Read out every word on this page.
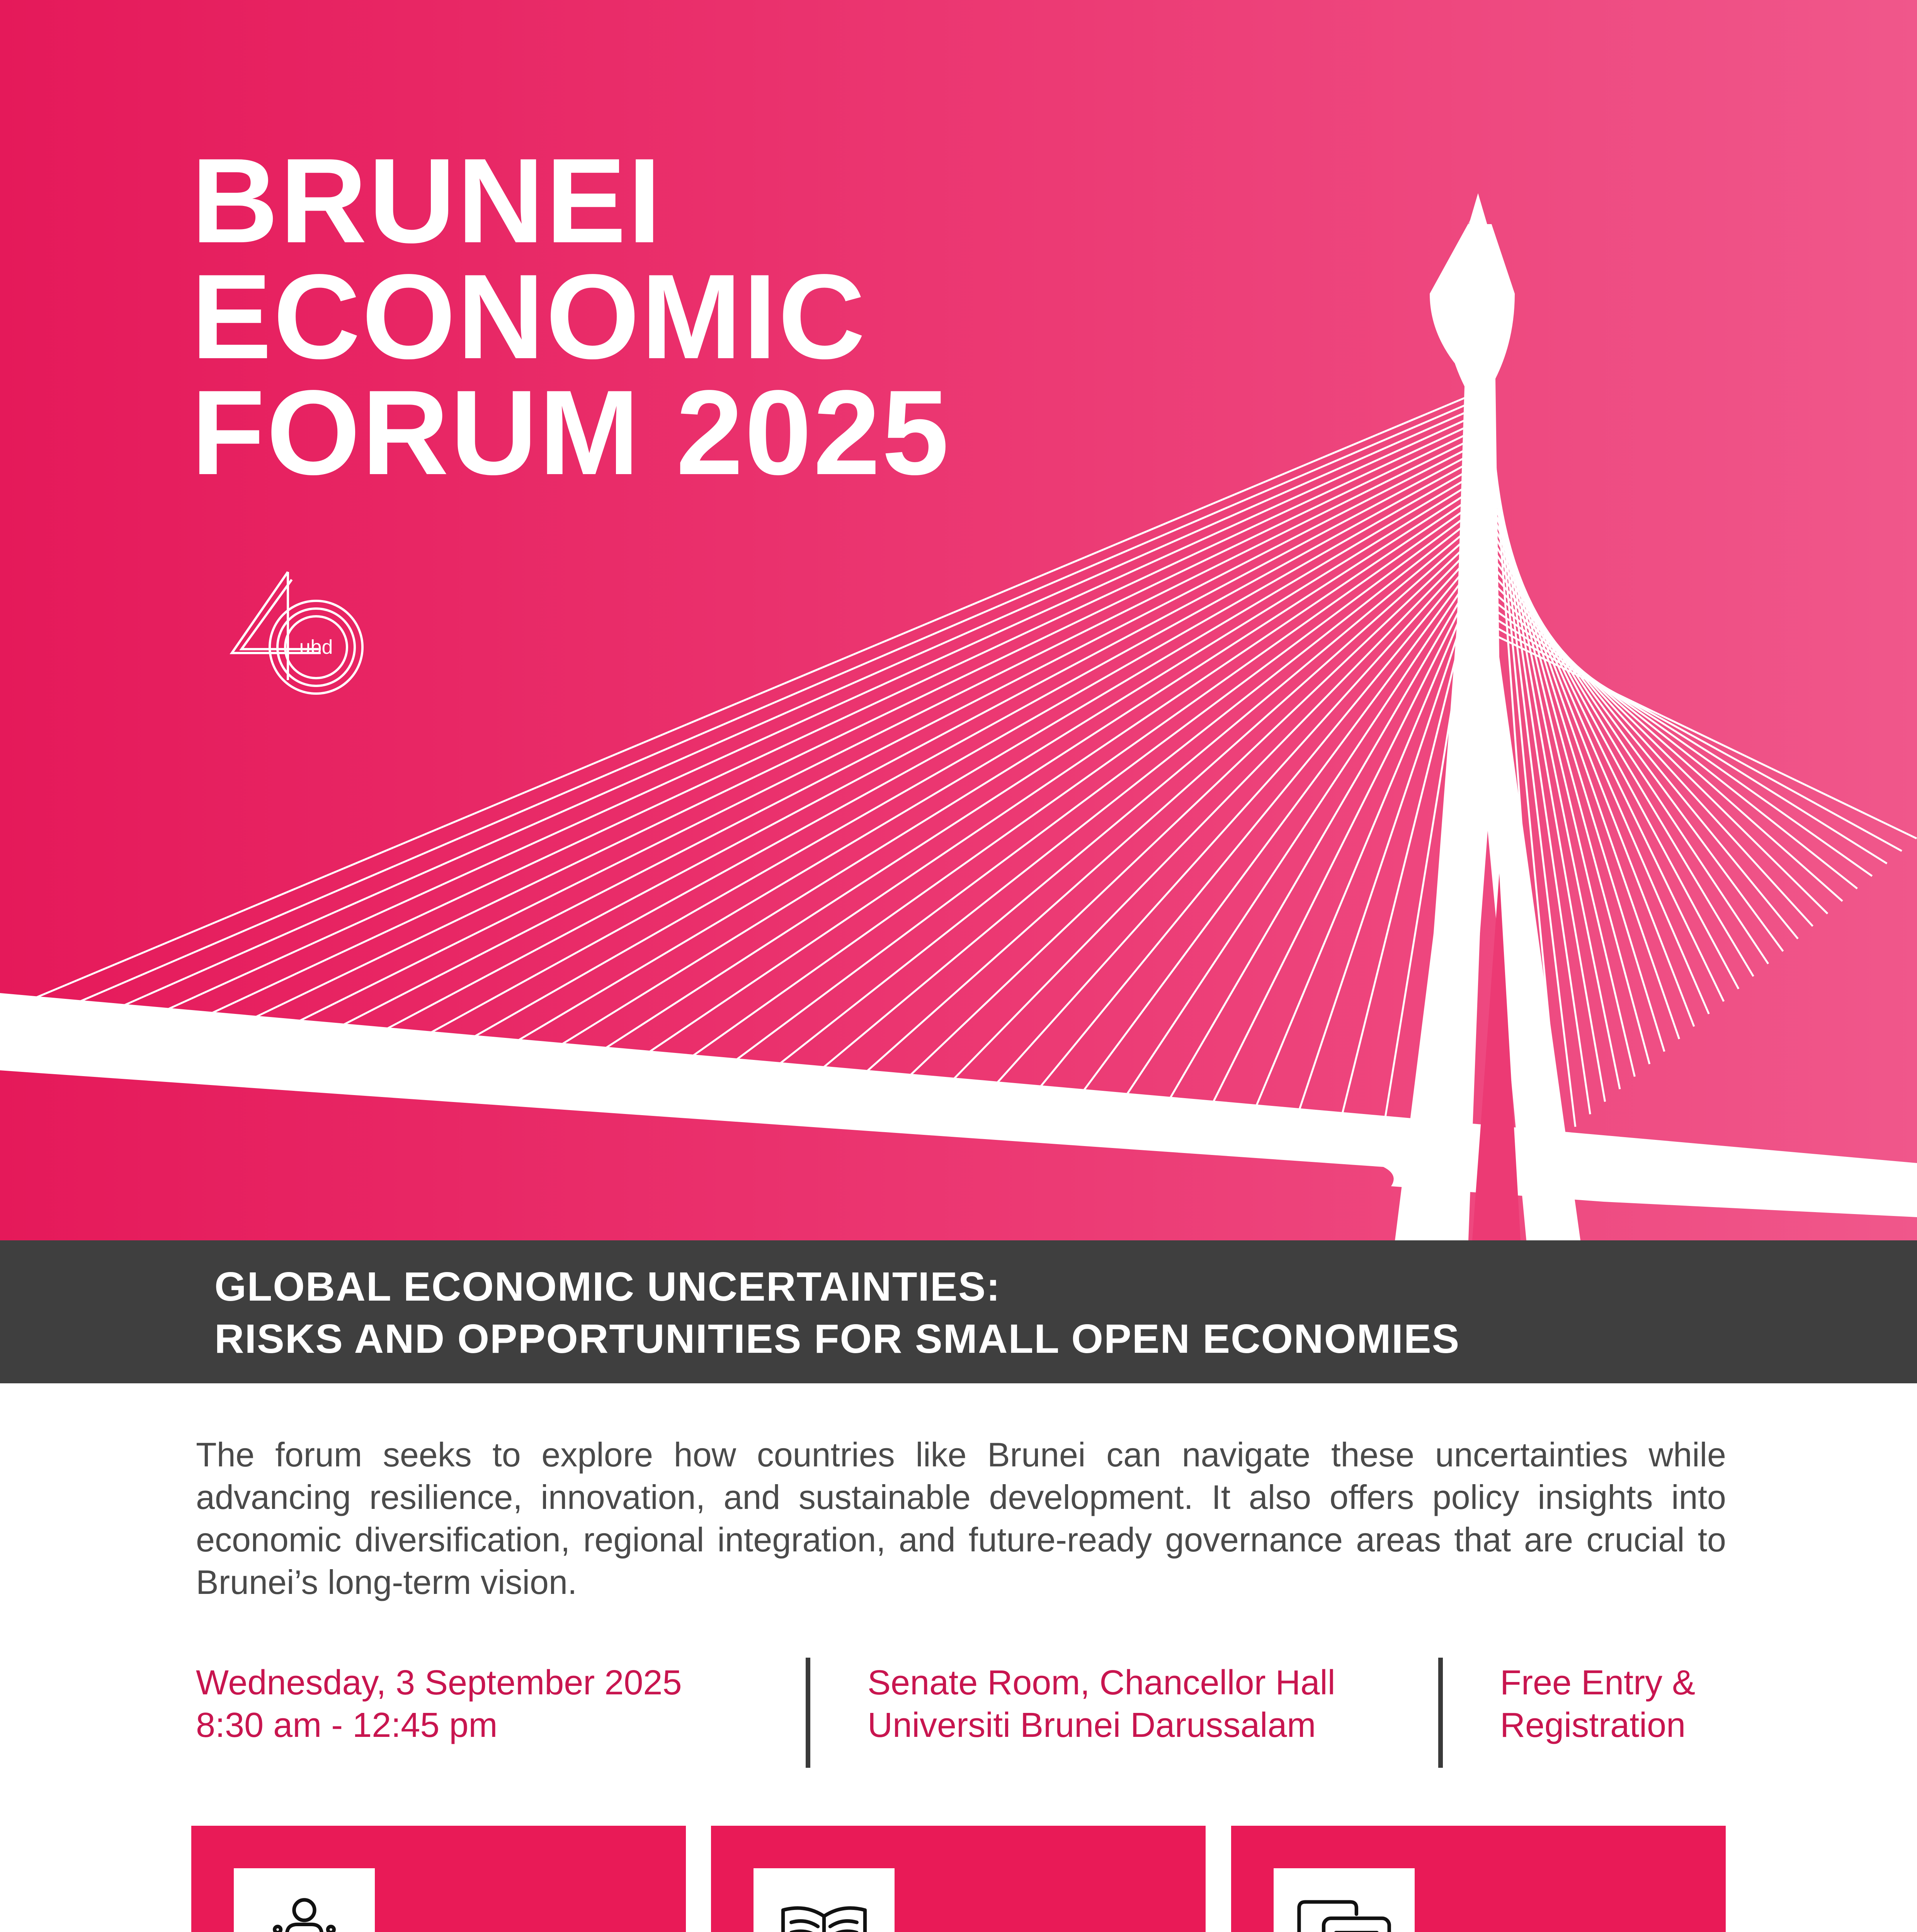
BRUNEI
ECONOMIC
FORUM 2025
ubd
GLOBAL ECONOMIC UNCERTAINTIES:
RISKS AND OPPORTUNITIES FOR SMALL OPEN ECONOMIES

The forum seeks to explore how countries like Brunei can navigate these uncertainties while advancing resilience, innovation, and sustainable development. It also offers policy insights into economic diversification, regional integration, and future-ready governance areas that are crucial to Brunei’s long-term vision.

Wednesday, 3 September 2025
8:30 am - 12:45 pm
Senate Room, Chancellor Hall
Universiti Brunei Darussalam
Free Entry &
Registration
